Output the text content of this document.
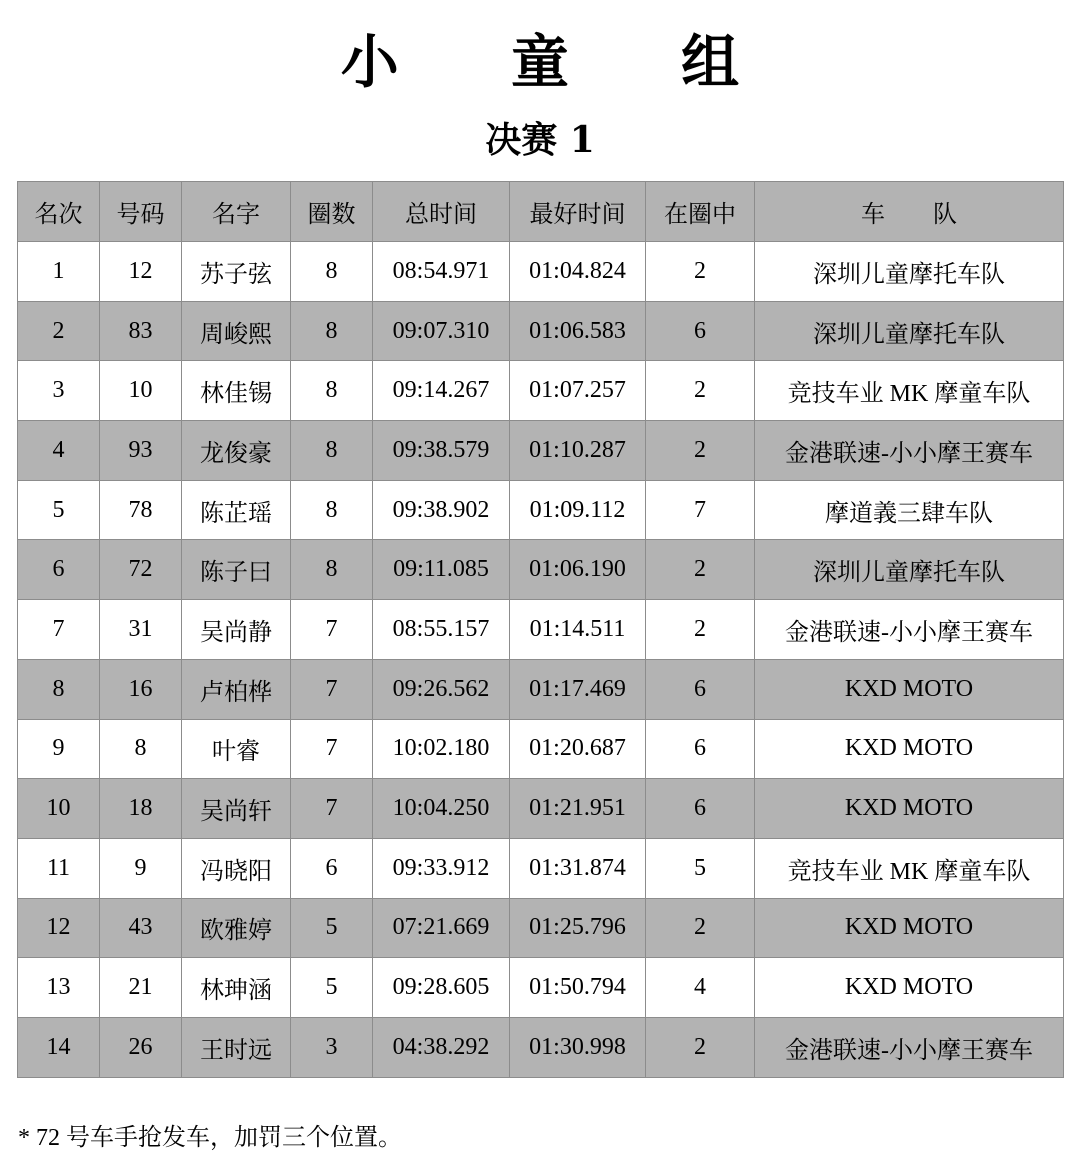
小 童 组
决赛 1
名次	号码	名字	圈数	总时间	最好时间	在圈中	车队
1	12	苏子弦	8	08:54.971	01:04.824	2	深圳儿童摩托车队
2	83	周峻熙	8	09:07.310	01:06.583	6	深圳儿童摩托车队
3	10	林佳锡	8	09:14.267	01:07.257	2	竞技车业 MK 摩童车队
4	93	龙俊豪	8	09:38.579	01:10.287	2	金港联速-小小摩王赛车
5	78	陈芷瑶	8	09:38.902	01:09.112	7	摩道義三肆车队
6	72	陈子曰	8	09:11.085	01:06.190	2	深圳儿童摩托车队
7	31	吴尚静	7	08:55.157	01:14.511	2	金港联速-小小摩王赛车
8	16	卢柏桦	7	09:26.562	01:17.469	6	KXD MOTO
9	8	叶睿	7	10:02.180	01:20.687	6	KXD MOTO
10	18	吴尚轩	7	10:04.250	01:21.951	6	KXD MOTO
11	9	冯晓阳	6	09:33.912	01:31.874	5	竞技车业 MK 摩童车队
12	43	欧雅婷	5	07:21.669	01:25.796	2	KXD MOTO
13	21	林珅涵	5	09:28.605	01:50.794	4	KXD MOTO
14	26	王时远	3	04:38.292	01:30.998	2	金港联速-小小摩王赛车
* 72 号车手抢发车，加罚三个位置。
